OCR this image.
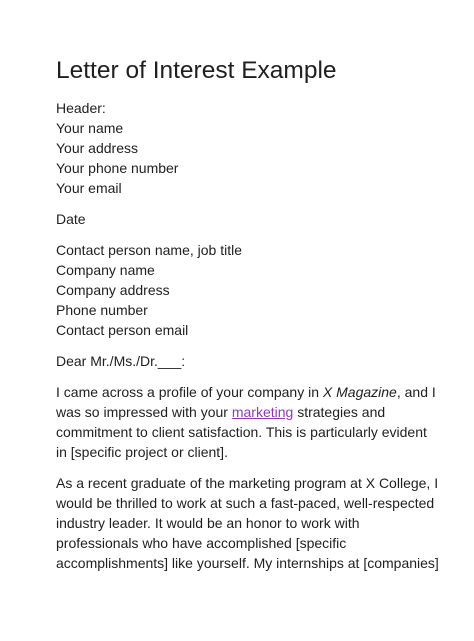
Letter of Interest Example

Header:

Your name

Your address

Your phone number

Your email

Date

Contact person name, job title

Company name

Company address

Phone number

Contact person email

Dear Mr./Ms./Dr.___:

I came across a profile of your company in X Magazine, and I
was so impressed with your marketing strategies and
commitment to client satisfaction. This is particularly evident
in [specific project or client].
As a recent graduate of the marketing program at X College, I
would be thrilled to work at such a fast-paced, well-respected
industry leader. It would be an honor to work with
professionals who have accomplished [specific
accomplishments] like yourself. My internships at [companies]
